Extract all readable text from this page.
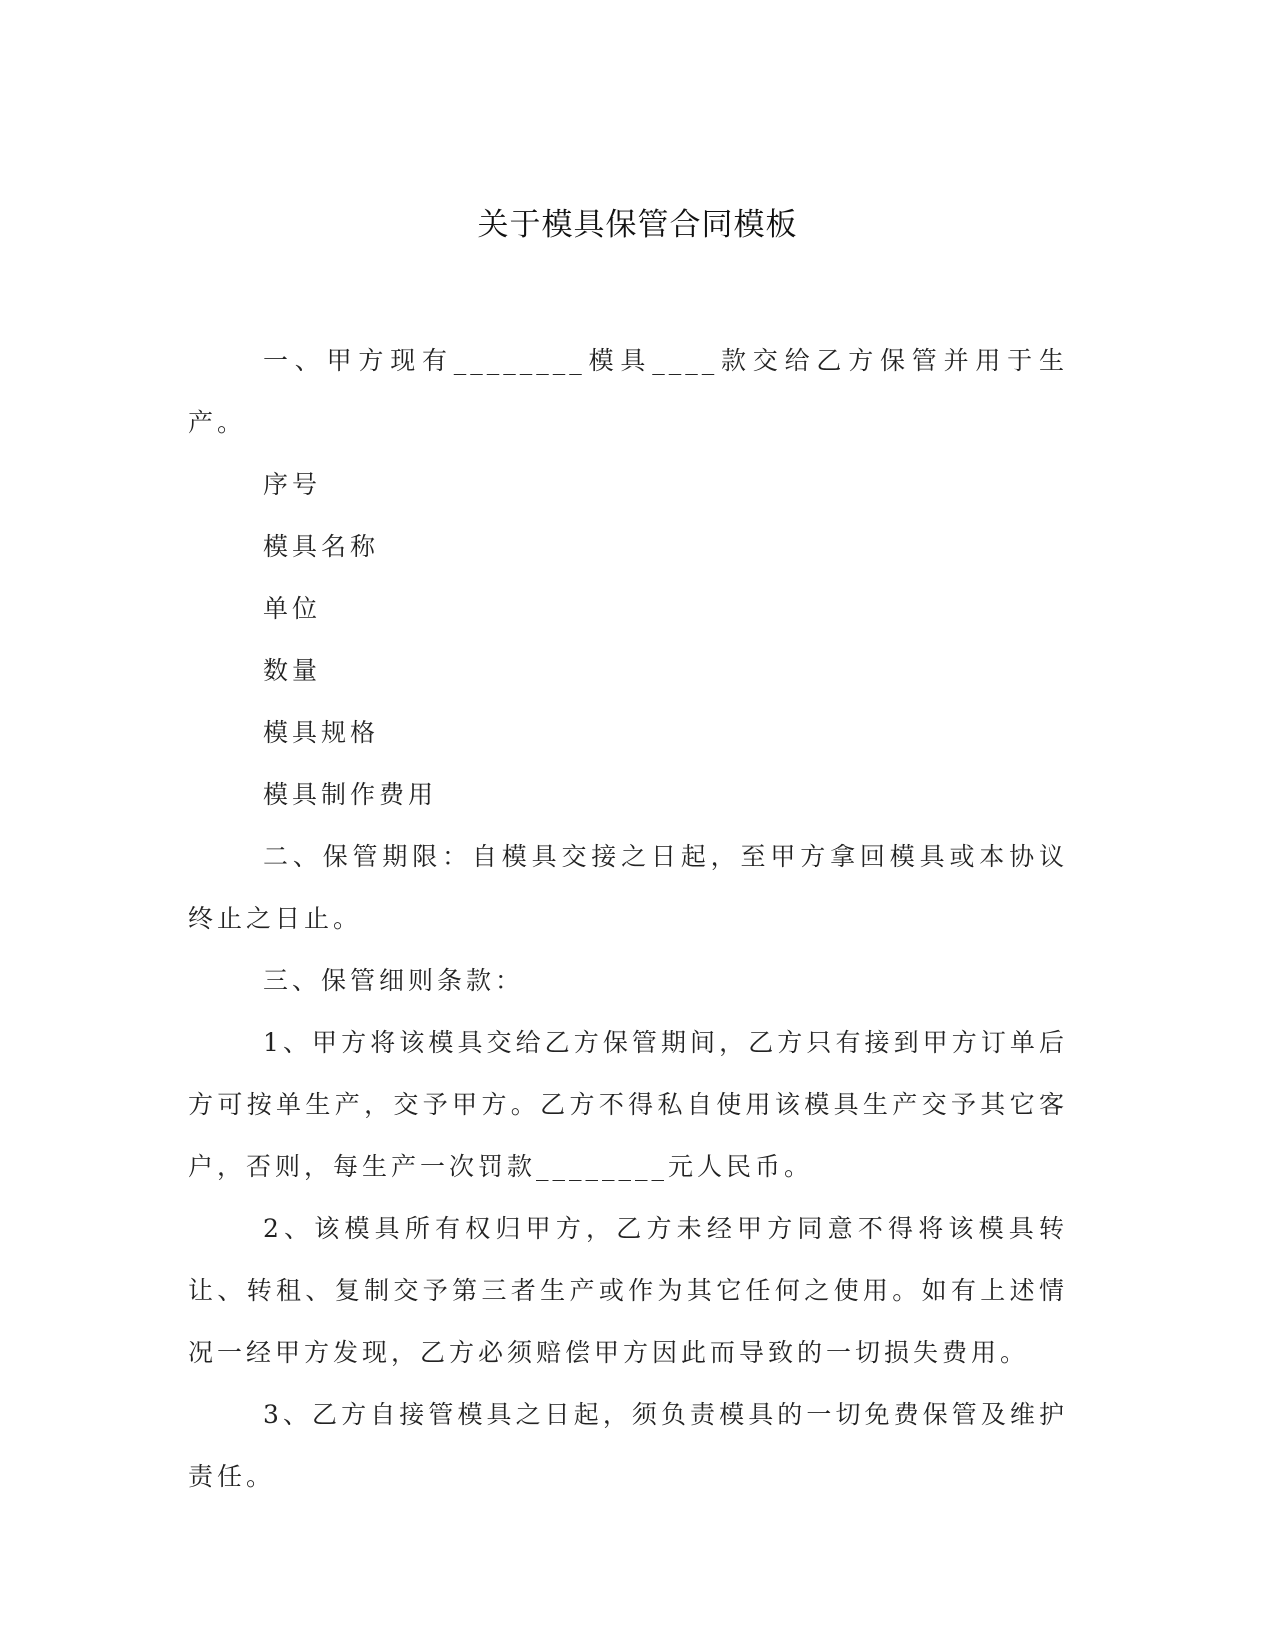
关于模具保管合同模板

一、甲方现有________模具____款交给乙方保管并用于生产。

序号

模具名称

单位

数量

模具规格

模具制作费用

二、保管期限：自模具交接之日起，至甲方拿回模具或本协议终止之日止。

三、保管细则条款：

1、甲方将该模具交给乙方保管期间，乙方只有接到甲方订单后方可按单生产，交予甲方。乙方不得私自使用该模具生产交予其它客户，否则，每生产一次罚款________元人民币。

2、该模具所有权归甲方，乙方未经甲方同意不得将该模具转让、转租、复制交予第三者生产或作为其它任何之使用。如有上述情况一经甲方发现，乙方必须赔偿甲方因此而导致的一切损失费用。

3、乙方自接管模具之日起，须负责模具的一切免费保管及维护责任。
